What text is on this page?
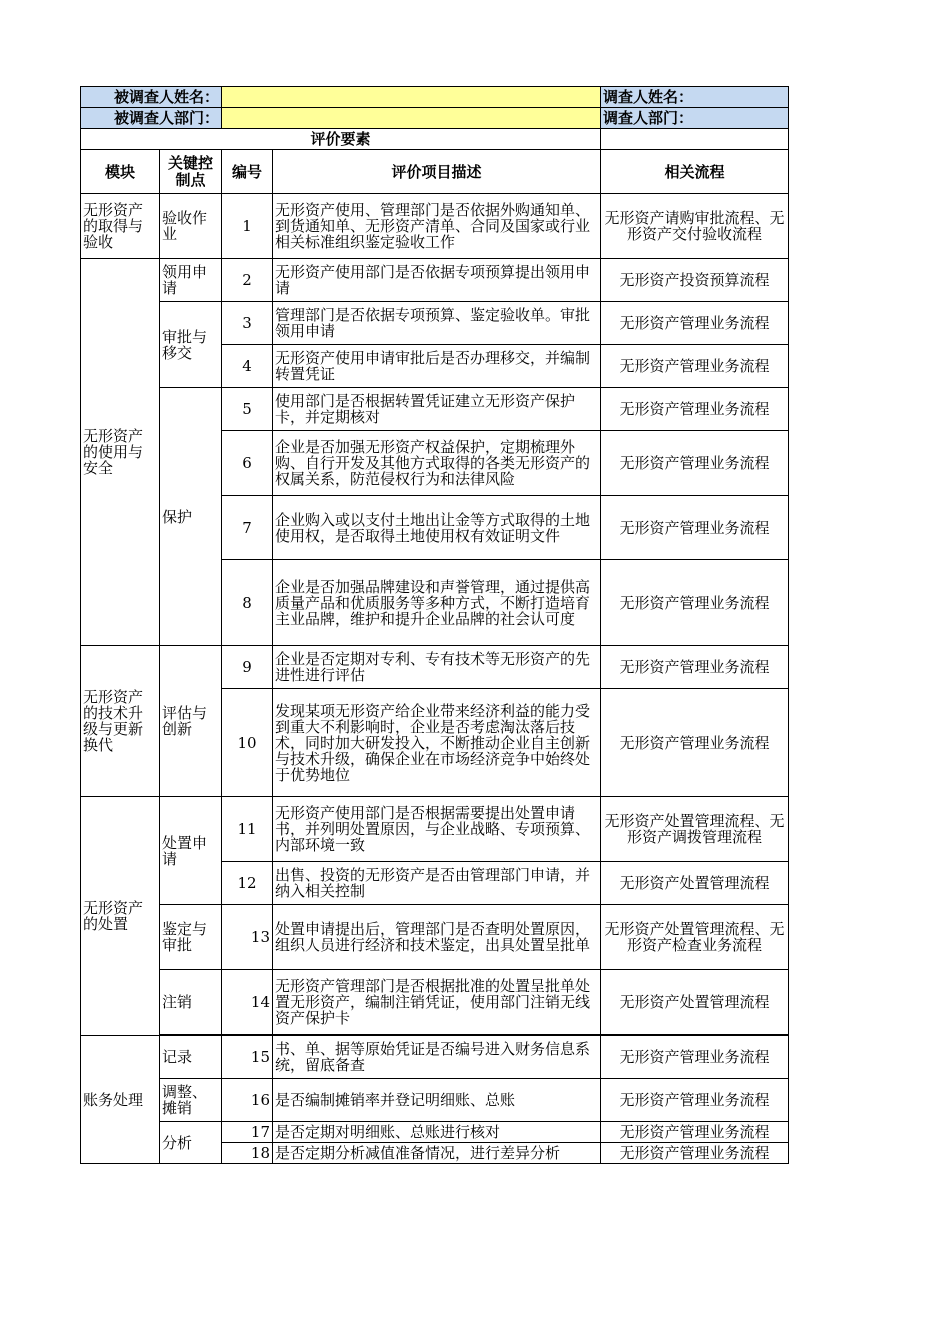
被调查人姓名：				调查人姓名：
被调查人部门：				调查人部门：
评价要素				
模块	关键控制点	编号	评价项目描述	相关流程
无形资产的取得与验收	验收作业	1	无形资产使用、管理部门是否依据外购通知单、到货通知单、无形资产清单、合同及国家或行业相关标准组织鉴定验收工作	无形资产请购审批流程、无形资产交付验收流程
无形资产的使用与安全	领用申请	2	无形资产使用部门是否依据专项预算提出领用申请	无形资产投资预算流程
	审批与移交	3	管理部门是否依据专项预算、鉴定验收单。审批领用申请	无形资产管理业务流程
		4	无形资产使用申请审批后是否办理移交，并编制转置凭证	无形资产管理业务流程
	保护	5	使用部门是否根据转置凭证建立无形资产保护卡，并定期核对	无形资产管理业务流程
		6	企业是否加强无形资产权益保护，定期梳理外购、自行开发及其他方式取得的各类无形资产的权属关系，防范侵权行为和法律风险	无形资产管理业务流程
		7	企业购入或以支付土地出让金等方式取得的土地使用权，是否取得土地使用权有效证明文件	无形资产管理业务流程
		8	企业是否加强品牌建设和声誉管理，通过提供高质量产品和优质服务等多种方式，不断打造培育主业品牌，维护和提升企业品牌的社会认可度	无形资产管理业务流程
无形资产的技术升级与更新换代	评估与创新	9	企业是否定期对专利、专有技术等无形资产的先进性进行评估	无形资产管理业务流程
		10	发现某项无形资产给企业带来经济利益的能力受到重大不利影响时，企业是否考虑淘汰落后技术，同时加大研发投入，不断推动企业自主创新与技术升级，确保企业在市场经济竞争中始终处于优势地位	无形资产管理业务流程
无形资产的处置	处置申请	11	无形资产使用部门是否根据需要提出处置申请书，并列明处置原因，与企业战略、专项预算、内部环境一致	无形资产处置管理流程、无形资产调拨管理流程
		12	出售、投资的无形资产是否由管理部门申请，并纳入相关控制	无形资产处置管理流程
	鉴定与审批	13	处置申请提出后，管理部门是否查明处置原因，组织人员进行经济和技术鉴定，出具处置呈批单	无形资产处置管理流程、无形资产检查业务流程
	注销	14	无形资产管理部门是否根据批准的处置呈批单处置无形资产，编制注销凭证，使用部门注销无线资产保护卡	无形资产处置管理流程

账务处理	记录	15	书、单、据等原始凭证是否编号进入财务信息系统，留底备查	无形资产管理业务流程
	调整、摊销	16	是否编制摊销率并登记明细账、总账	无形资产管理业务流程
	分析	17	是否定期对明细账、总账进行核对	无形资产管理业务流程
		18	是否定期分析减值准备情况，进行差异分析	无形资产管理业务流程
